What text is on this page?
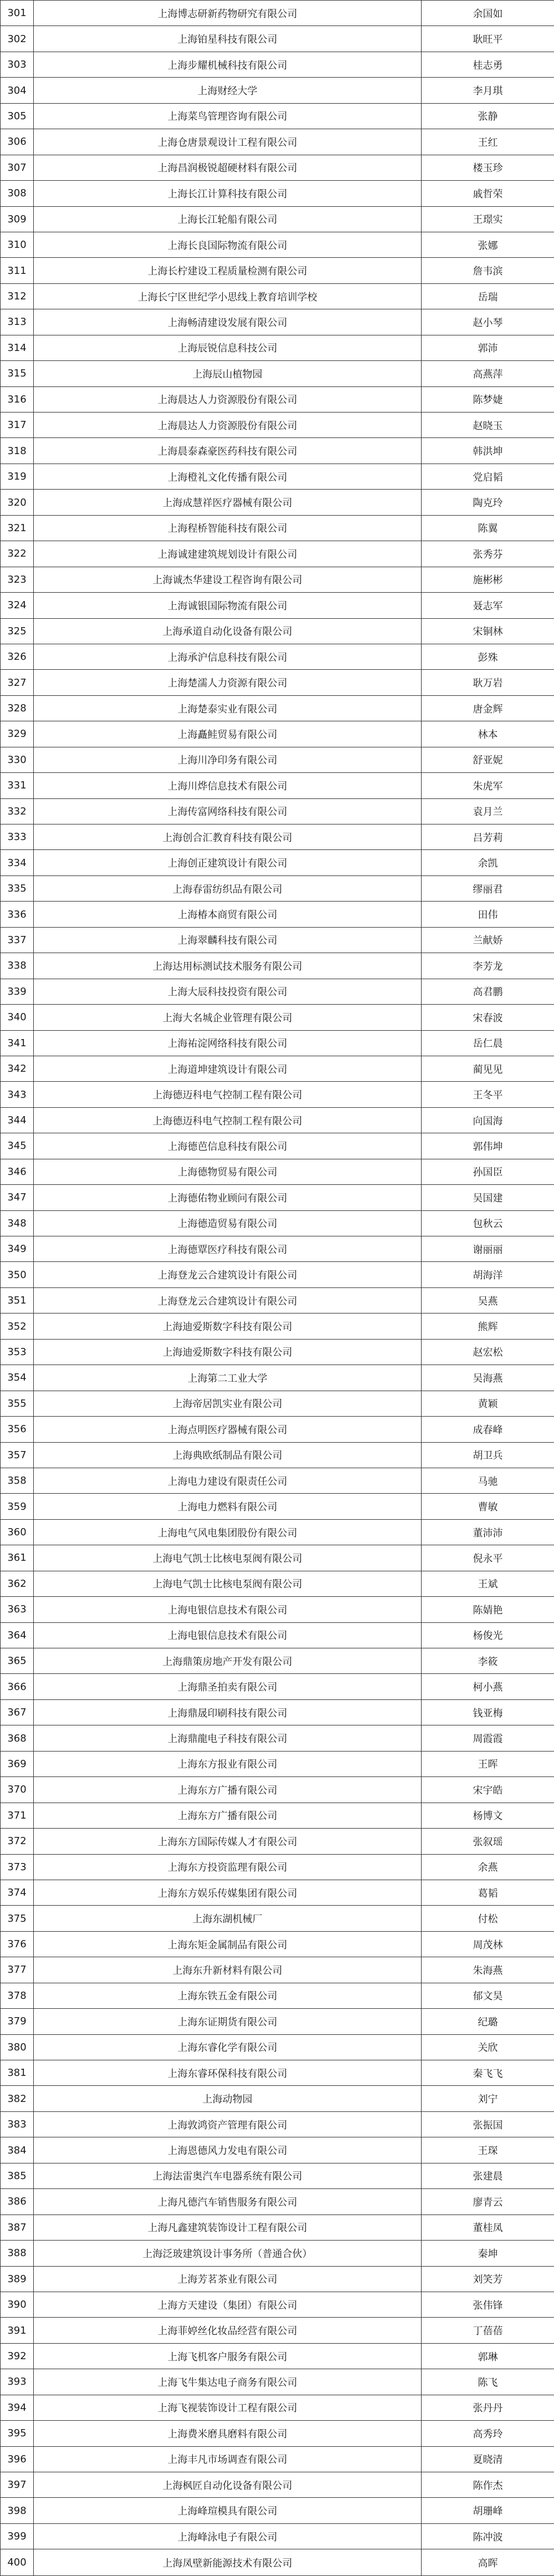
301	上海博志研新药物研究有限公司	余国如
302	上海铂星科技有限公司	耿旺平
303	上海步耀机械科技有限公司	桂志勇
304	上海财经大学	李月琪
305	上海菜鸟管理咨询有限公司	张静
306	上海仓唐景观设计工程有限公司	王红
307	上海昌润极锐超硬材料有限公司	楼玉珍
308	上海长江计算科技有限公司	戚哲荣
309	上海长江轮船有限公司	王璟实
310	上海长良国际物流有限公司	张娜
311	上海长柠建设工程质量检测有限公司	詹韦滨
312	上海长宁区世纪学小思线上教育培训学校	岳瑞
313	上海畅清建设发展有限公司	赵小琴
314	上海辰锐信息科技公司	郭沛
315	上海辰山植物园	高燕萍
316	上海晨达人力资源股份有限公司	陈梦婕
317	上海晨达人力资源股份有限公司	赵晓玉
318	上海晨泰森豪医药科技有限公司	韩洪坤
319	上海橙礼文化传播有限公司	党启韬
320	上海成慧祥医疗器械有限公司	陶克玲
321	上海程桥智能科技有限公司	陈翼
322	上海诚建建筑规划设计有限公司	张秀芬
323	上海诚杰华建设工程咨询有限公司	施彬彬
324	上海诚银国际物流有限公司	聂志军
325	上海承道自动化设备有限公司	宋铜林
326	上海承沪信息科技有限公司	彭殊
327	上海楚濡人力资源有限公司	耿万岩
328	上海楚泰实业有限公司	唐金辉
329	上海矗鲑贸易有限公司	林本
330	上海川净印务有限公司	舒亚妮
331	上海川烨信息技术有限公司	朱虎军
332	上海传富网络科技有限公司	袁月兰
333	上海创合汇教育科技有限公司	吕芳莉
334	上海创正建筑设计有限公司	余凯
335	上海春雷纺织品有限公司	缪丽君
336	上海椿本商贸有限公司	田伟
337	上海翠麟科技有限公司	兰献娇
338	上海达用标测试技术服务有限公司	李芳龙
339	上海大辰科技投资有限公司	高君鹏
340	上海大名城企业管理有限公司	宋春波
341	上海祐淀网络科技有限公司	岳仁晨
342	上海道坤建筑设计有限公司	蔺见见
343	上海德迈科电气控制工程有限公司	王冬平
344	上海德迈科电气控制工程有限公司	向国海
345	上海德芭信息科技有限公司	郭伟坤
346	上海德物贸易有限公司	孙国臣
347	上海德佑物业顾问有限公司	吴国建
348	上海德造贸易有限公司	包秋云
349	上海德覃医疗科技有限公司	谢丽丽
350	上海登龙云合建筑设计有限公司	胡海洋
351	上海登龙云合建筑设计有限公司	吴燕
352	上海迪爱斯数字科技有限公司	熊辉
353	上海迪爱斯数字科技有限公司	赵宏松
354	上海第二工业大学	吴海燕
355	上海帝居凯实业有限公司	黄颖
356	上海点明医疗器械有限公司	成春峰
357	上海典欧纸制品有限公司	胡卫兵
358	上海电力建设有限责任公司	马驰
359	上海电力燃料有限公司	曹敏
360	上海电气风电集团股份有限公司	董沛沛
361	上海电气凯士比核电泵阀有限公司	倪永平
362	上海电气凯士比核电泵阀有限公司	王斌
363	上海电银信息技术有限公司	陈婧艳
364	上海电银信息技术有限公司	杨俊光
365	上海鼎策房地产开发有限公司	李筱
366	上海鼎圣拍卖有限公司	柯小燕
367	上海鼎晟印刷科技有限公司	钱亚梅
368	上海鼎龍电子科技有限公司	周霞霞
369	上海东方报业有限公司	王晖
370	上海东方广播有限公司	宋宇皓
371	上海东方广播有限公司	杨博文
372	上海东方国际传媒人才有限公司	张叙瑶
373	上海东方投资监理有限公司	余燕
374	上海东方娱乐传媒集团有限公司	葛韬
375	上海东湖机械厂	付松
376	上海东矩金属制品有限公司	周茂林
377	上海东升新材料有限公司	朱海燕
378	上海东铁五金有限公司	郁文昊
379	上海东证期货有限公司	纪璐
380	上海东睿化学有限公司	关欣
381	上海东睿环保科技有限公司	秦飞飞
382	上海动物园	刘宁
383	上海敦鸿资产管理有限公司	张振国
384	上海恩德风力发电有限公司	王琛
385	上海法雷奥汽车电器系统有限公司	张建晨
386	上海凡德汽车销售服务有限公司	廖青云
387	上海凡鑫建筑装饰设计工程有限公司	董桂凤
388	上海泛玻建筑设计事务所（普通合伙）	秦坤
389	上海芳茗茶业有限公司	刘笑芳
390	上海方天建设（集团）有限公司	张伟锋
391	上海菲婷丝化妆品经营有限公司	丁蓓蓓
392	上海飞机客户服务有限公司	郭琳
393	上海飞牛集达电子商务有限公司	陈飞
394	上海飞视装饰设计工程有限公司	张丹丹
395	上海费米磨具磨料有限公司	高秀玲
396	上海丰凡市场调查有限公司	夏晓清
397	上海枫匠自动化设备有限公司	陈作杰
398	上海峰瑄模具有限公司	胡珊峰
399	上海峰泳电子有限公司	陈冲波
400	上海凤壁新能源技术有限公司	高晖
